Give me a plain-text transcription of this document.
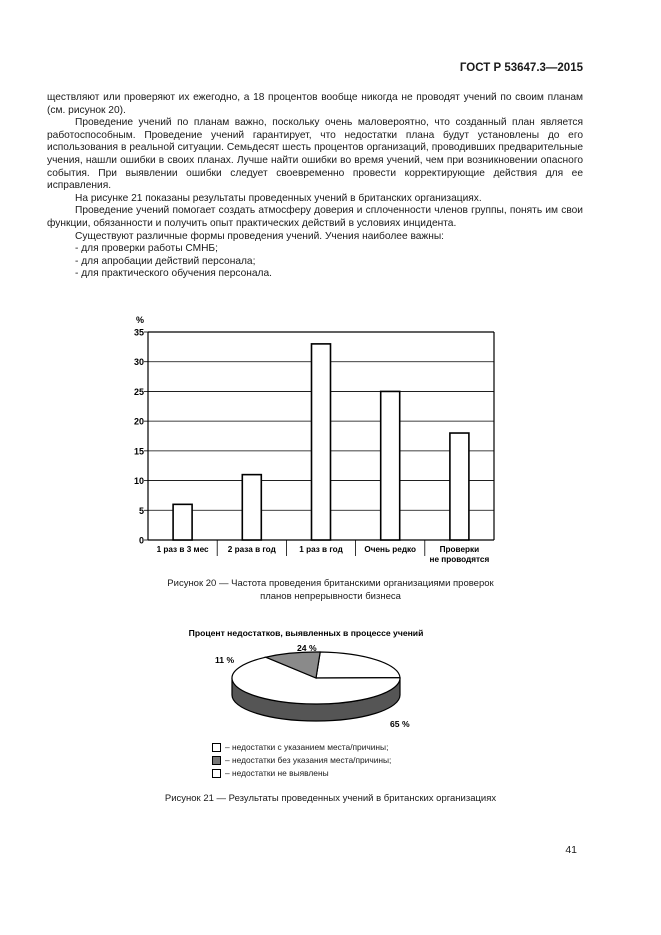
ГОСТ Р 53647.3—2015

ществляют или проверяют их ежегодно, а 18 процентов вообще никогда не проводят учений по своим планам (см. рисунок 20).

Проведение учений по планам важно, поскольку очень маловероятно, что созданный план является работоспособным. Проведение учений гарантирует, что недостатки плана будут установлены до его использования в реальной ситуации. Семьдесят шесть процентов организаций, проводивших предварительные учения, нашли ошибки в своих планах. Лучше найти ошибки во время учений, чем при возникновении опасного события. При выявлении ошибки следует своевременно провести корректирующие действия для ее исправления.

На рисунке 21 показаны результаты проведенных учений в британских организациях.

Проведение учений помогает создать атмосферу доверия и сплоченности членов группы, понять им свои функции, обязанности и получить опыт практических действий в условиях инцидента.

Существуют различные формы проведения учений. Учения наиболее важны:

- для проверки работы СМНБ;

- для апробации действий персонала;

- для практического обучения персонала.

0
5
10
15
20
25
30
35
%
1 раз в 3 мес 2 раза в год	1 раз в год	Очень редко	Проверки
не проводятся
Рисунок 20 — Частота проведения британскими организациями проверок
планов непрерывности бизнеса
Процент недостатков, выявленных в процессе учений
24 %
11 %
65 %
– недостатки с указанием места/причины;
– недостатки без указания места/причины;
– недостатки не выявлены
Рисунок 21 — Результаты проведенных учений в британских организациях
41
